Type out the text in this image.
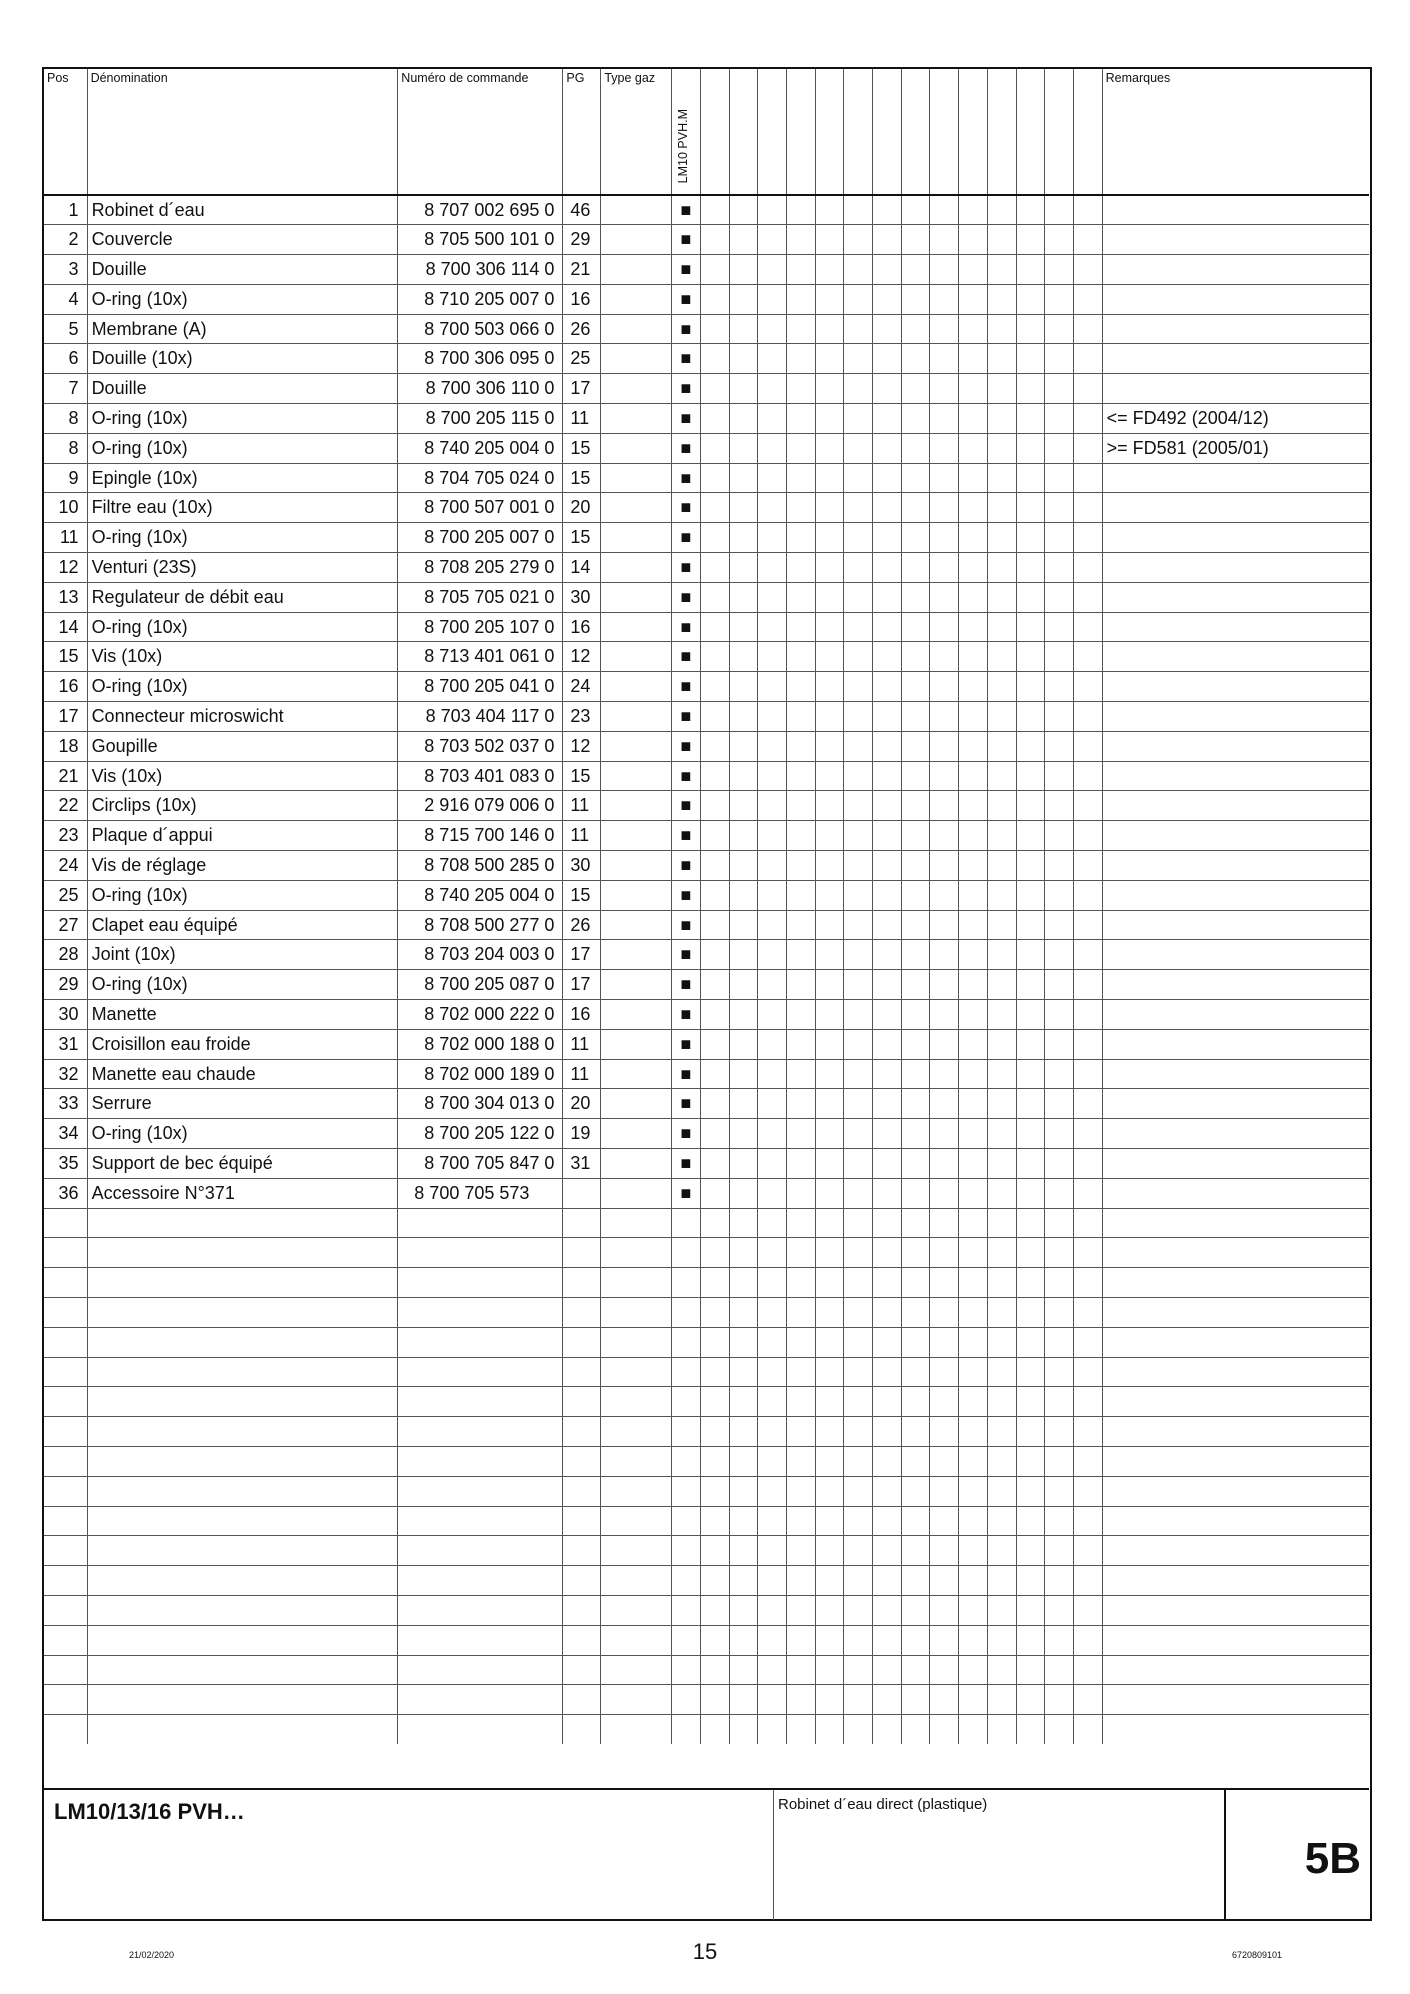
Pos	Dénomination	Numéro de commande	PG	Type gaz	LM10 PVH.M															Remarques
1	Robinet d´eau	8 707 002 695 0	46		■															
2	Couvercle	8 705 500 101 0	29		■															
3	Douille	8 700 306 114 0	21		■															
4	O-ring (10x)	8 710 205 007 0	16		■															
5	Membrane (A)	8 700 503 066 0	26		■															
6	Douille (10x)	8 700 306 095 0	25		■															
7	Douille	8 700 306 110 0	17		■															
8	O-ring (10x)	8 700 205 115 0	11		■															<= FD492 (2004/12)
8	O-ring (10x)	8 740 205 004 0	15		■															>= FD581 (2005/01)
9	Epingle (10x)	8 704 705 024 0	15		■															
10	Filtre eau (10x)	8 700 507 001 0	20		■															
11	O-ring (10x)	8 700 205 007 0	15		■															
12	Venturi (23S)	8 708 205 279 0	14		■															
13	Regulateur de débit eau	8 705 705 021 0	30		■															
14	O-ring (10x)	8 700 205 107 0	16		■															
15	Vis (10x)	8 713 401 061 0	12		■															
16	O-ring (10x)	8 700 205 041 0	24		■															
17	Connecteur microswicht	8 703 404 117 0	23		■															
18	Goupille	8 703 502 037 0	12		■															
21	Vis (10x)	8 703 401 083 0	15		■															
22	Circlips (10x)	2 916 079 006 0	11		■															
23	Plaque d´appui	8 715 700 146 0	11		■															
24	Vis de réglage	8 708 500 285 0	30		■															
25	O-ring (10x)	8 740 205 004 0	15		■															
27	Clapet eau équipé	8 708 500 277 0	26		■															
28	Joint (10x)	8 703 204 003 0	17		■															
29	O-ring (10x)	8 700 205 087 0	17		■															
30	Manette	8 702 000 222 0	16		■															
31	Croisillon eau froide	8 702 000 188 0	11		■															
32	Manette eau chaude	8 702 000 189 0	11		■															
33	Serrure	8 700 304 013 0	20		■															
34	O-ring (10x)	8 700 205 122 0	19		■															
35	Support de bec équipé	8 700 705 847 0	31		■															
36	Accessoire N°371	8 700 705 573			■															

LM10/13/16 PVH…	Robinet d´eau direct (plastique)
5B
15
21/02/2020	6720809101
